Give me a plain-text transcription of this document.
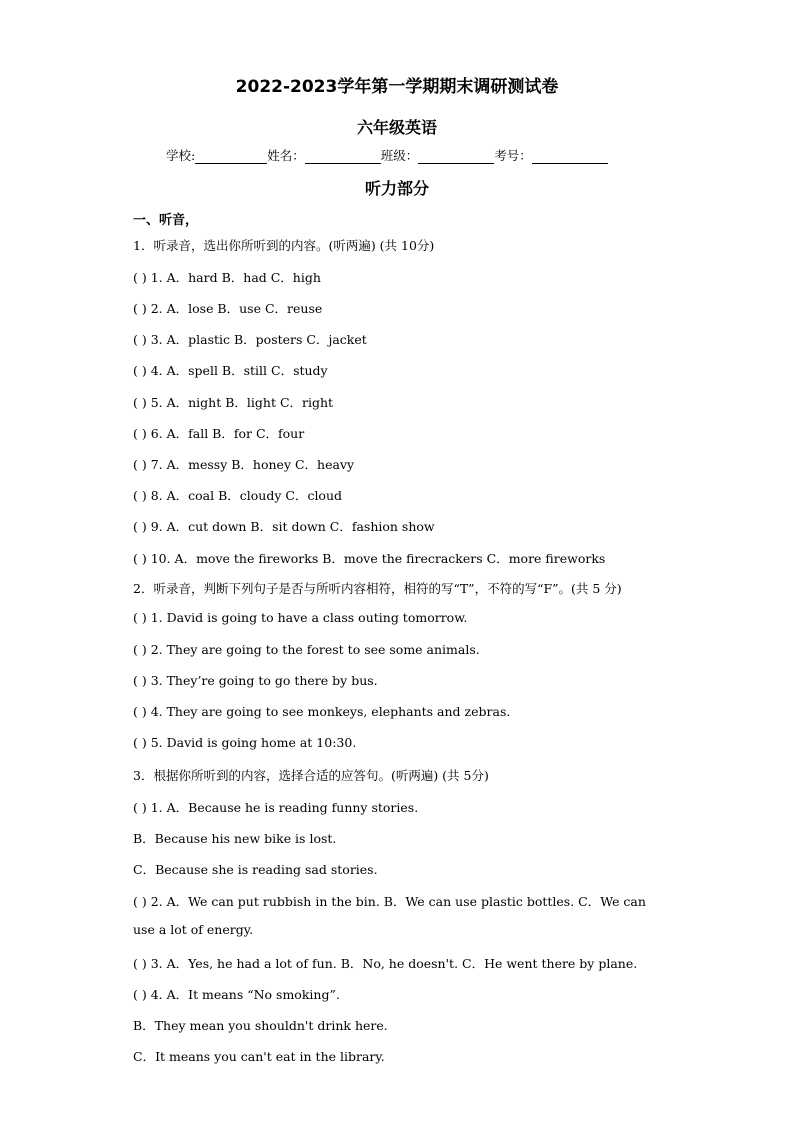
2022-2023学年第一学期期末调研测试卷
六年级英语
学校:	姓名：	班级：	考号：
听力部分
一、听音，
1．听录音，选出你所听到的内容。(听两遍) (共 10分)
( ) 1. A．hard B．had C．high
( ) 2. A．lose B．use C．reuse
( ) 3. A．plastic B．posters C．jacket
( ) 4. A．spell B．still C．study
( ) 5. A．night B．light C．right
( ) 6. A．fall B．for C．four
( ) 7. A．messy B．honey C．heavy
( ) 8. A．coal B．cloudy C．cloud
( ) 9. A．cut down B．sit down C．fashion show
( ) 10. A．move the fireworks B．move the firecrackers C．more fireworks
2．听录音，判断下列句子是否与所听内容相符，相符的写“T”，不符的写“F”。(共 5 分)
( ) 1. David is going to have a class outing tomorrow.
( ) 2. They are going to the forest to see some animals.
( ) 3. They’re going to go there by bus.
( ) 4. They are going to see monkeys, elephants and zebras.
( ) 5. David is going home at 10:30.
3．根据你所听到的内容，选择合适的应答句。(听两遍) (共 5分)
( ) 1. A．Because he is reading funny stories.
B．Because his new bike is lost.
C．Because she is reading sad stories.
( ) 2. A．We can put rubbish in the bin. B．We can use plastic bottles. C．We can
use a lot of energy.
( ) 3. A．Yes, he had a lot of fun. B．No, he doesn't. C．He went there by plane.
( ) 4. A．It means “No smoking”.
B．They mean you shouldn't drink here.
C．It means you can't eat in the library.
